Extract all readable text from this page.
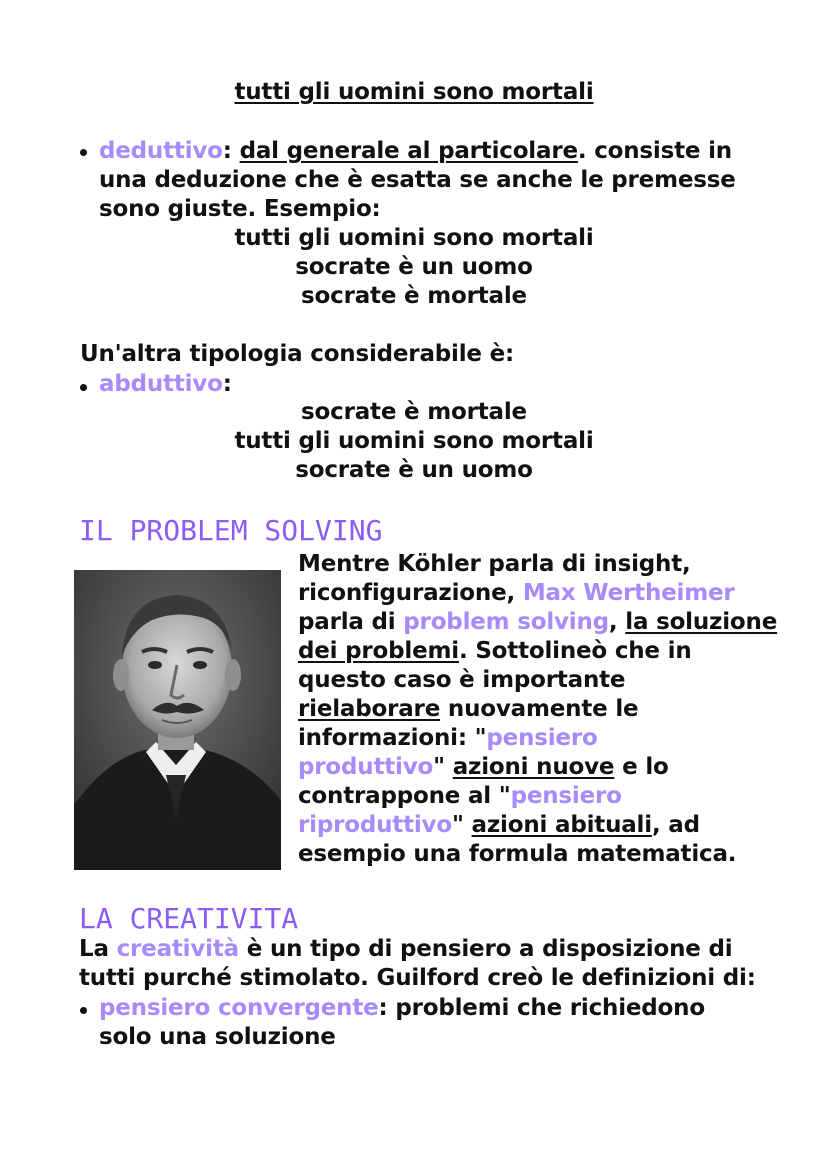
tutti gli uomini sono mortali
deduttivo: dal generale al particolare. consiste in
una deduzione che è esatta se anche le premesse
sono giuste. Esempio:
tutti gli uomini sono mortali
socrate è un uomo
socrate è mortale
Un'altra tipologia considerabile è:
abduttivo:
socrate è mortale
tutti gli uomini sono mortali
socrate è un uomo
IL PROBLEM SOLVING
Mentre Köhler parla di insight,
riconfigurazione, Max Wertheimer
parla di problem solving, la soluzione
dei problemi. Sottolineò che in
questo caso è importante
rielaborare nuovamente le
informazioni: "pensiero
produttivo" azioni nuove e lo
contrappone al "pensiero
riproduttivo" azioni abituali, ad
esempio una formula matematica.
LA CREATIVITA
La creatività è un tipo di pensiero a disposizione di
tutti purché stimolato. Guilford creò le definizioni di:
pensiero convergente: problemi che richiedono
solo una soluzione
